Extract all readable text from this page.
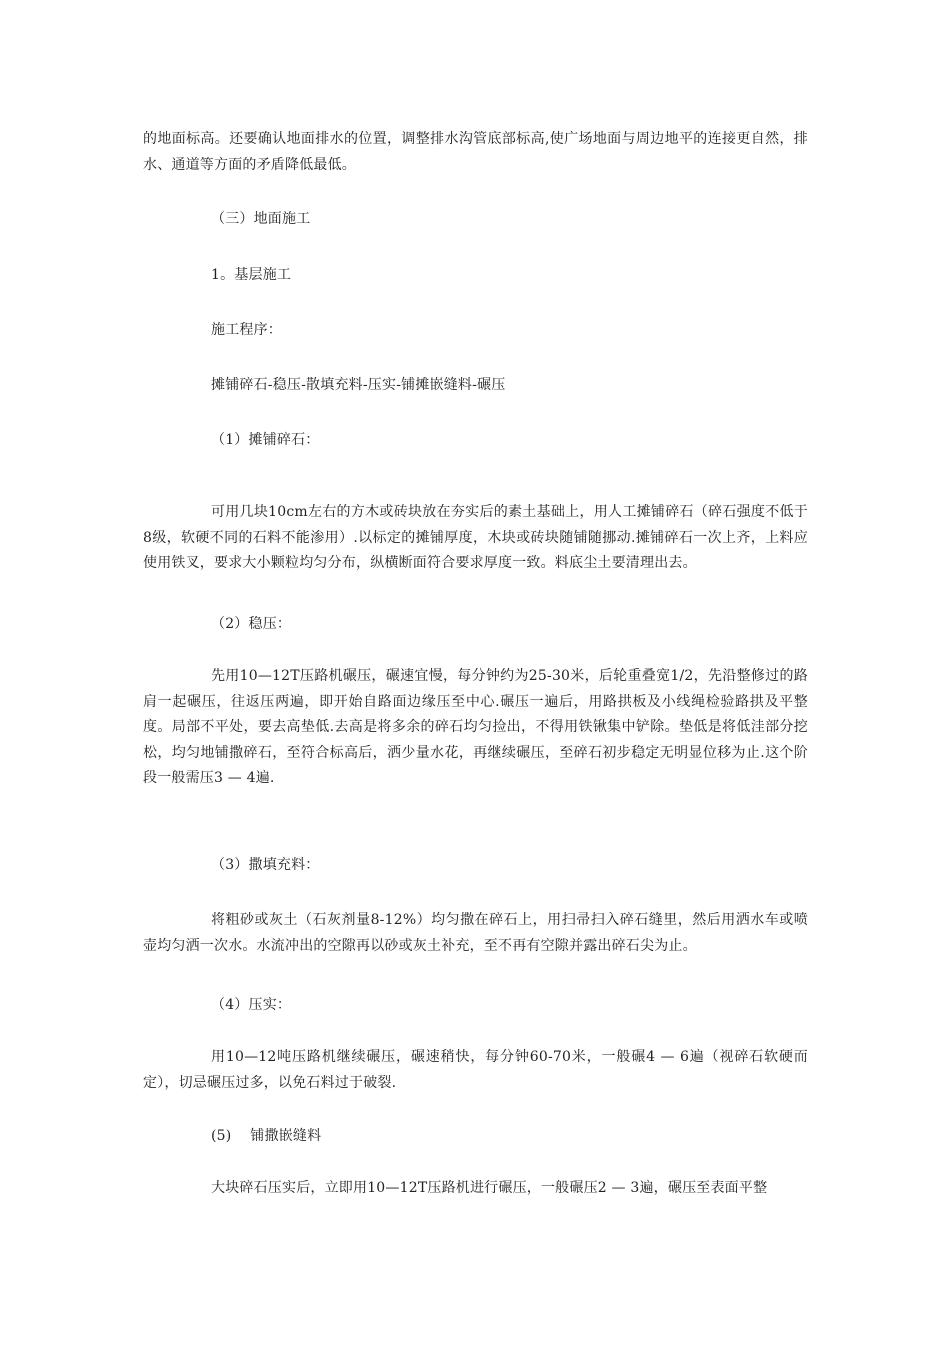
的地面标高。还要确认地面排水的位置，调整排水沟管底部标高,使广场地面与周边地平的连接更自然，排水、通道等方面的矛盾降低最低。

（三）地面施工

1。基层施工

施工程序：

摊铺碎石-稳压-散填充料-压实-铺摊嵌缝料-碾压

（1）摊铺碎石：

可用几块10cm左右的方木或砖块放在夯实后的素土基础上，用人工摊铺碎石（碎石强度不低于8级，软硬不同的石料不能渗用）.以标定的摊铺厚度，木块或砖块随铺随挪动.摊铺碎石一次上齐，上料应使用铁叉，要求大小颗粒均匀分布，纵横断面符合要求厚度一致。料底尘土要清理出去。

（2）稳压：

先用10—12T压路机碾压，碾速宜慢，每分钟约为25-30米，后轮重叠宽1/2，先沿整修过的路肩一起碾压，往返压两遍，即开始自路面边缘压至中心.碾压一遍后，用路拱板及小线绳检验路拱及平整度。局部不平处，要去高垫低.去高是将多余的碎石均匀捡出，不得用铁锹集中铲除。垫低是将低洼部分挖松，均匀地铺撒碎石，至符合标高后，洒少量水花，再继续碾压，至碎石初步稳定无明显位移为止.这个阶段一般需压3 — 4遍.

（3）撒填充料：

将粗砂或灰土（石灰剂量8-12%）均匀撒在碎石上，用扫帚扫入碎石缝里，然后用洒水车或喷壶均匀洒一次水。水流冲出的空隙再以砂或灰土补充，至不再有空隙并露出碎石尖为止。

（4）压实：

用10—12吨压路机继续碾压，碾速稍快，每分钟60-70米，一般碾4 — 6遍（视碎石软硬而定），切忌碾压过多，以免石料过于破裂.

(5)　 铺撒嵌缝料

大块碎石压实后，立即用10—12T压路机进行碾压，一般碾压2 — 3遍，碾压至表面平整
